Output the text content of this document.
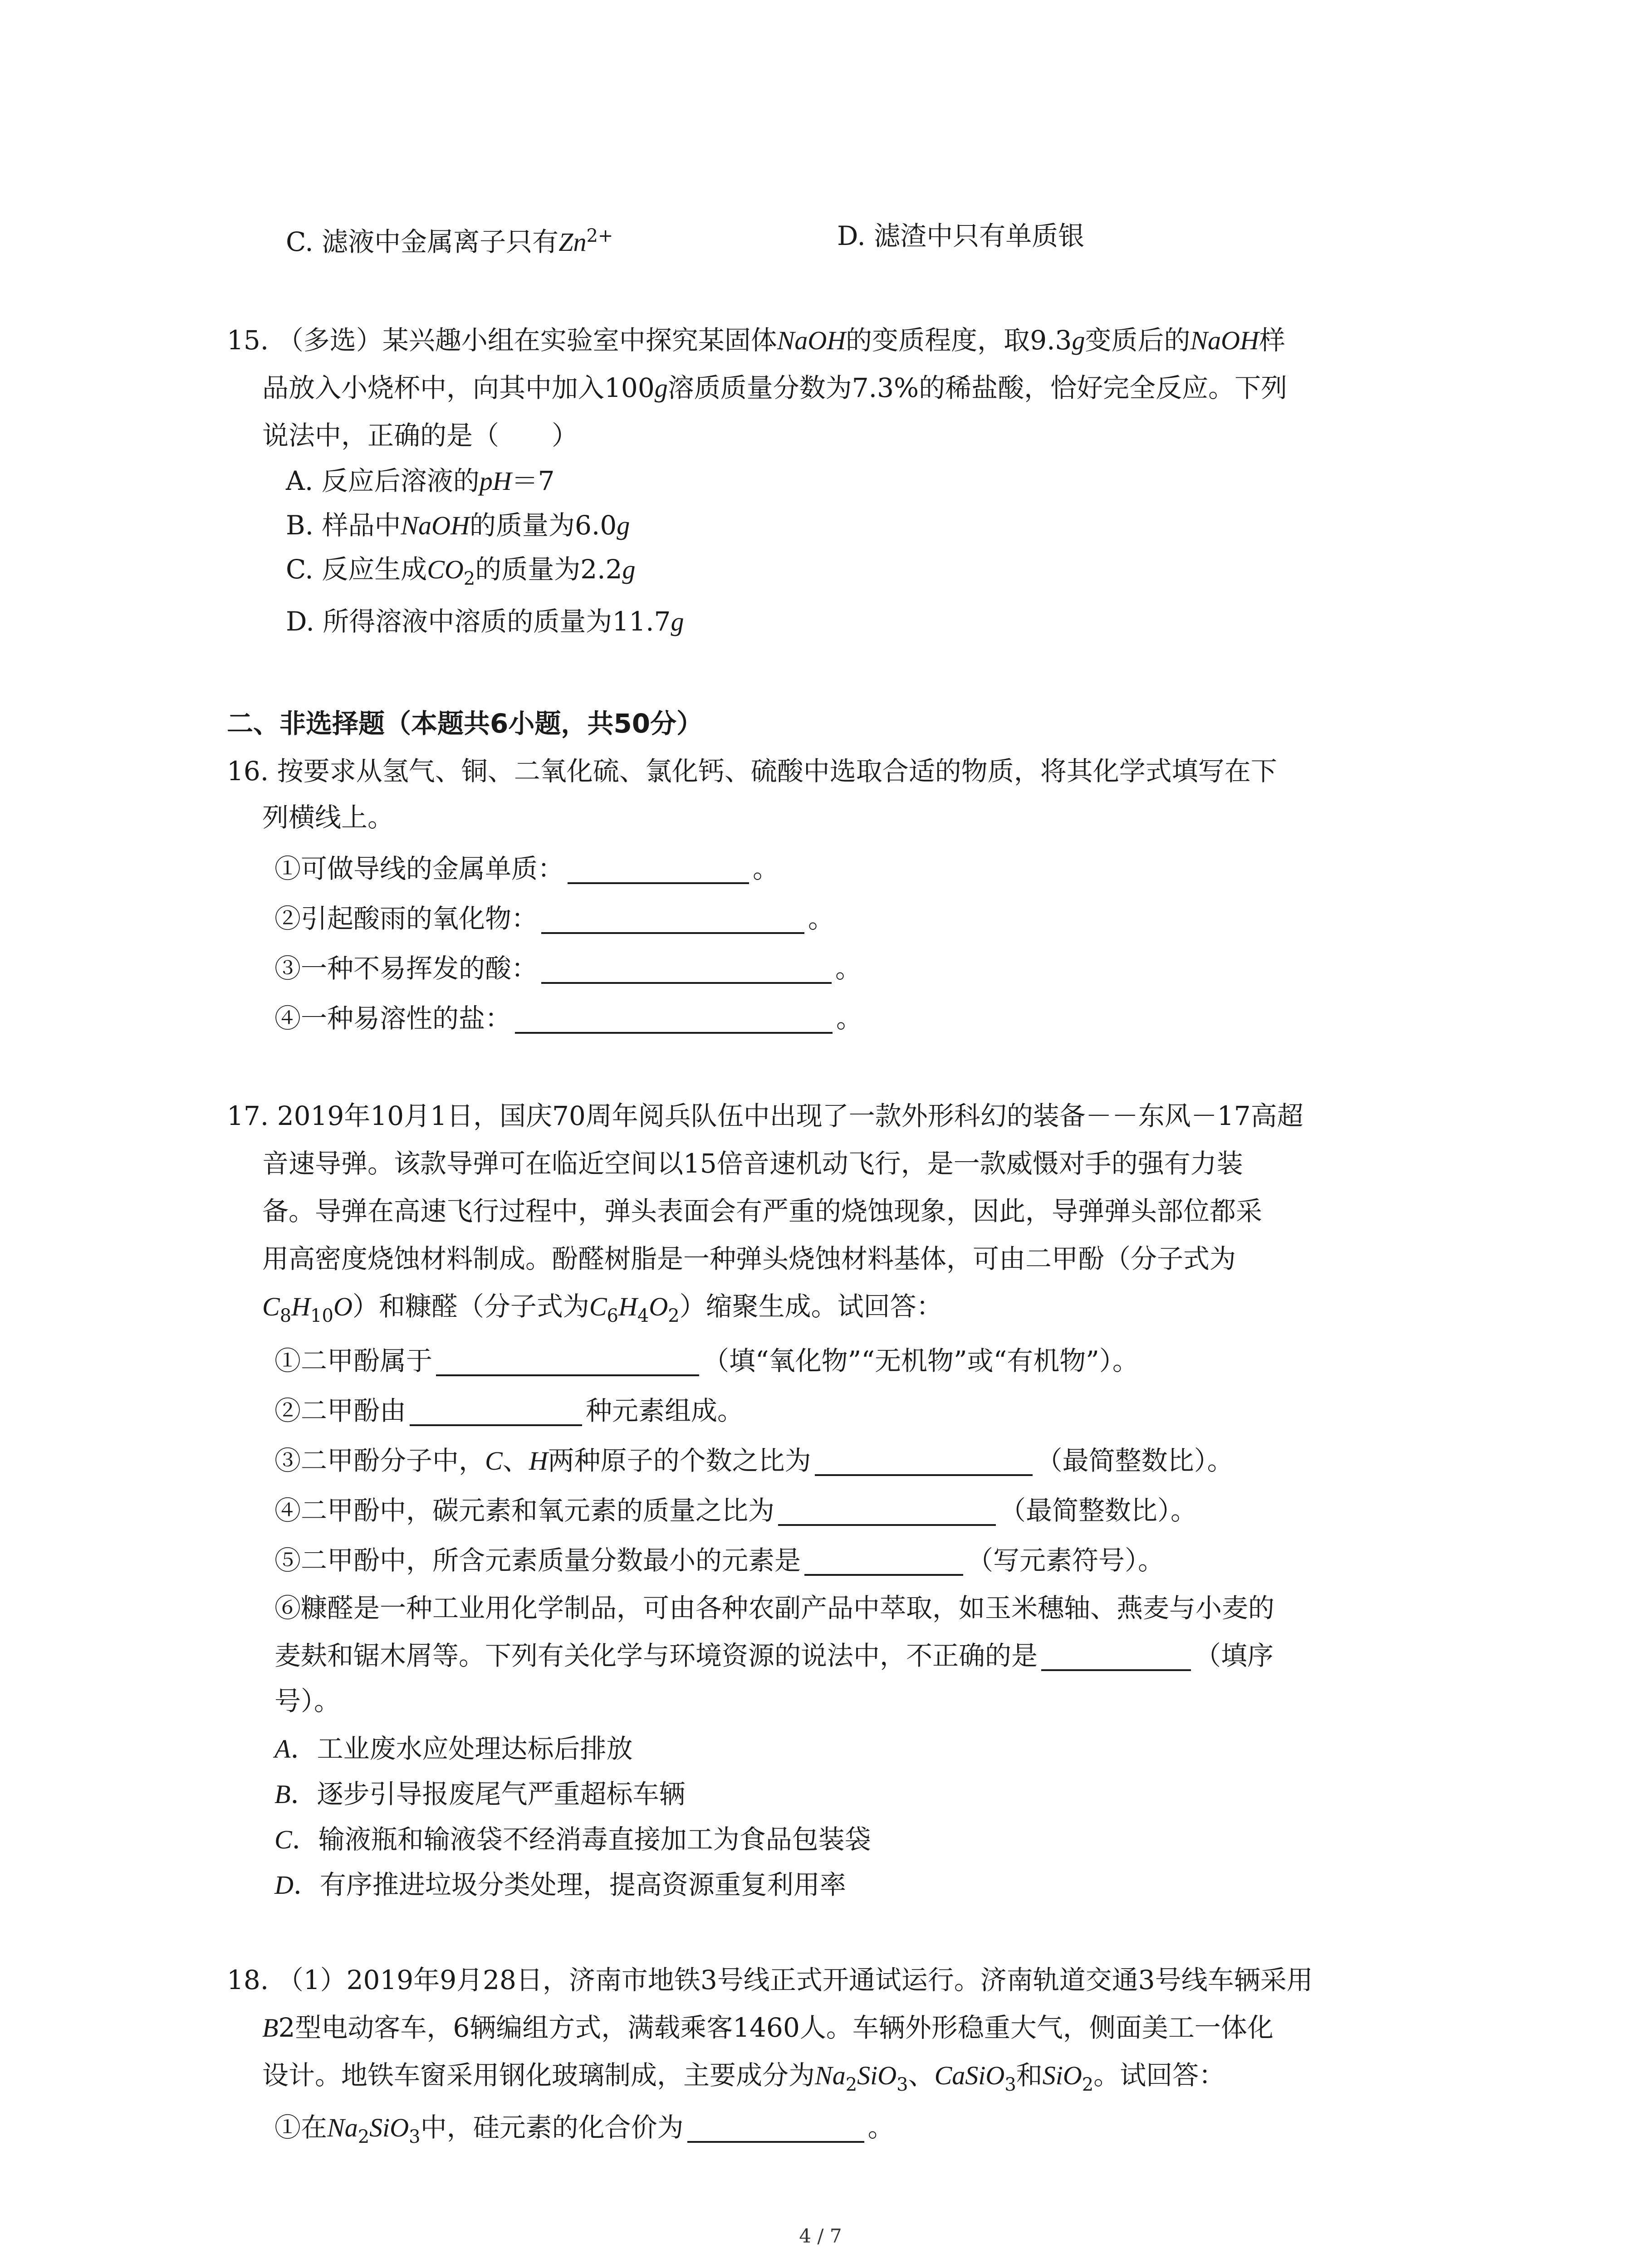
C. 滤液中金属离子只有$Zn^{2+}$	D. 滤渣中只有单质银
15. （多选）某兴趣小组在实验室中探究某固体NaOH的变质程度，取9.3g变质后的NaOH样
品放入小烧杯中，向其中加入100g溶质质量分数为7.3%的稀盐酸，恰好完全反应。下列
说法中，正确的是（　　）
A. 反应后溶液的pH＝7
B. 样品中NaOH的质量为6.0g
C. 反应生成$CO_2$的质量为2.2g
D. 所得溶液中溶质的质量为11.7g
二、非选择题（本题共6小题，共50分）
16. 按要求从氢气、铜、二氧化硫、氯化钙、硫酸中选取合适的物质，将其化学式填写在下
列横线上。
①可做导线的金属单质：	。
②引起酸雨的氧化物：	。
③一种不易挥发的酸：	。
④一种易溶性的盐：	。
17. 2019年10月1日，国庆70周年阅兵队伍中出现了一款外形科幻的装备－－东风－17高超
音速导弹。该款导弹可在临近空间以15倍音速机动飞行，是一款威慑对手的强有力装
备。导弹在高速飞行过程中，弹头表面会有严重的烧蚀现象，因此，导弹弹头部位都采
用高密度烧蚀材料制成。酚醛树脂是一种弹头烧蚀材料基体，可由二甲酚（分子式为
$C_8H_{10}O$）和糠醛（分子式为$C_6H_4O_2$）缩聚生成。试回答：
①二甲酚属于	（填“氧化物”“无机物”或“有机物”）。
②二甲酚由	种元素组成。
③二甲酚分子中，C、H两种原子的个数之比为	（最简整数比）。
④二甲酚中，碳元素和氧元素的质量之比为	（最简整数比）。
⑤二甲酚中，所含元素质量分数最小的元素是	（写元素符号）。
⑥糠醛是一种工业用化学制品，可由各种农副产品中萃取，如玉米穗轴、燕麦与小麦的
麦麸和锯木屑等。下列有关化学与环境资源的说法中，不正确的是	（填序
号）。
A．工业废水应处理达标后排放
B．逐步引导报废尾气严重超标车辆
C．输液瓶和输液袋不经消毒直接加工为食品包装袋
D．有序推进垃圾分类处理，提高资源重复利用率
18. （1）2019年9月28日，济南市地铁3号线正式开通试运行。济南轨道交通3号线车辆采用
B2型电动客车，6辆编组方式，满载乘客1460人。车辆外形稳重大气，侧面美工一体化
设计。地铁车窗采用钢化玻璃制成，主要成分为$Na_2SiO_3$、CaSiO$_3$和SiO$_2$。试回答：
①在$Na_2SiO_3$中，硅元素的化合价为	。
4 / 7
